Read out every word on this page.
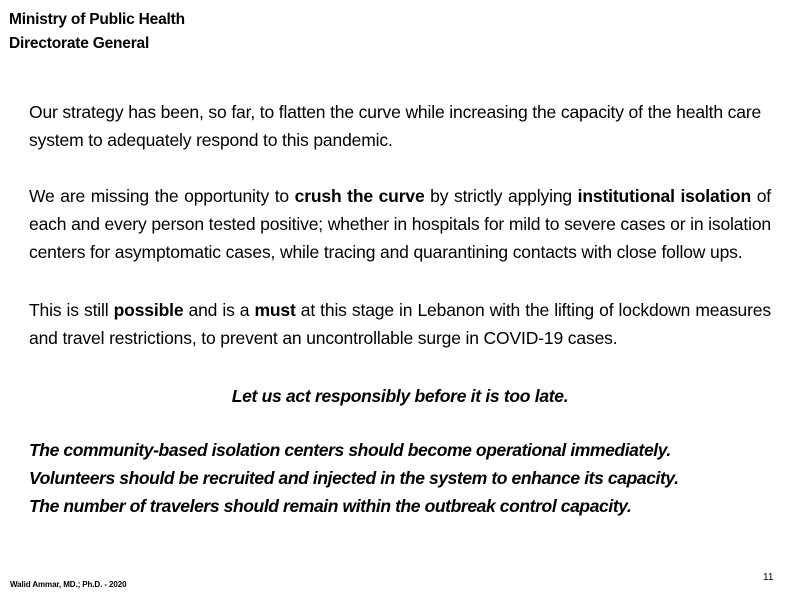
Ministry of Public Health
Directorate General

Our strategy has been, so far, to flatten the curve while increasing the capacity of the health care system to adequately respond to this pandemic.

We are missing the opportunity to crush the curve by strictly applying institutional isolation of each and every person tested positive; whether in hospitals for mild to severe cases or in isolation centers for asymptomatic cases, while tracing and quarantining contacts with close follow ups.

This is still possible and is a must at this stage in Lebanon with the lifting of lockdown measures and travel restrictions, to prevent an uncontrollable surge in COVID-19 cases.

Let us act responsibly before it is too late.

The community-based isolation centers should become operational immediately.
Volunteers should be recruited and injected in the system to enhance its capacity.
The number of travelers should remain within the outbreak control capacity.
Walid Ammar, MD.; Ph.D. - 2020
11
